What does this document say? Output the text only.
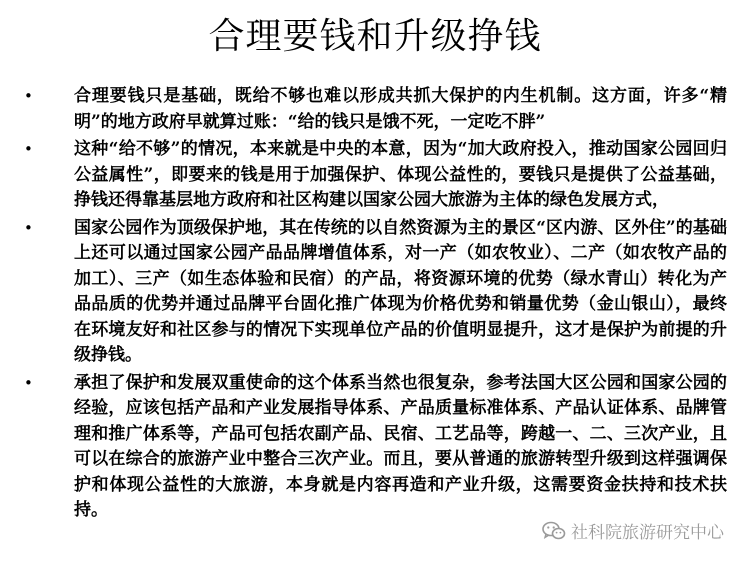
合理要钱和升级挣钱
• 合理要钱只是基础，既给不够也难以形成共抓大保护的内生机制。这方面，许多“精明”的地方政府早就算过账：“给的钱只是饿不死，一定吃不胖”
• 这种“给不够”的情况，本来就是中央的本意，因为“加大政府投入，推动国家公园回归公益属性”，即要来的钱是用于加强保护、体现公益性的，要钱只是提供了公益基础，挣钱还得靠基层地方政府和社区构建以国家公园大旅游为主体的绿色发展方式，
• 国家公园作为顶级保护地，其在传统的以自然资源为主的景区“区内游、区外住”的基础上还可以通过国家公园产品品牌增值体系，对一产（如农牧业）、二产（如农牧产品的加工）、三产（如生态体验和民宿）的产品，将资源环境的优势（绿水青山）转化为产品品质的优势并通过品牌平台固化推广体现为价格优势和销量优势（金山银山），最终在环境友好和社区参与的情况下实现单位产品的价值明显提升，这才是保护为前提的升级挣钱。
• 承担了保护和发展双重使命的这个体系当然也很复杂，参考法国大区公园和国家公园的经验，应该包括产品和产业发展指导体系、产品质量标准体系、产品认证体系、品牌管理和推广体系等，产品可包括农副产品、民宿、工艺品等，跨越一、二、三次产业，且可以在综合的旅游产业中整合三次产业。而且，要从普通的旅游转型升级到这样强调保护和体现公益性的大旅游，本身就是内容再造和产业升级，这需要资金扶持和技术扶持。
社科院旅游研究中心
